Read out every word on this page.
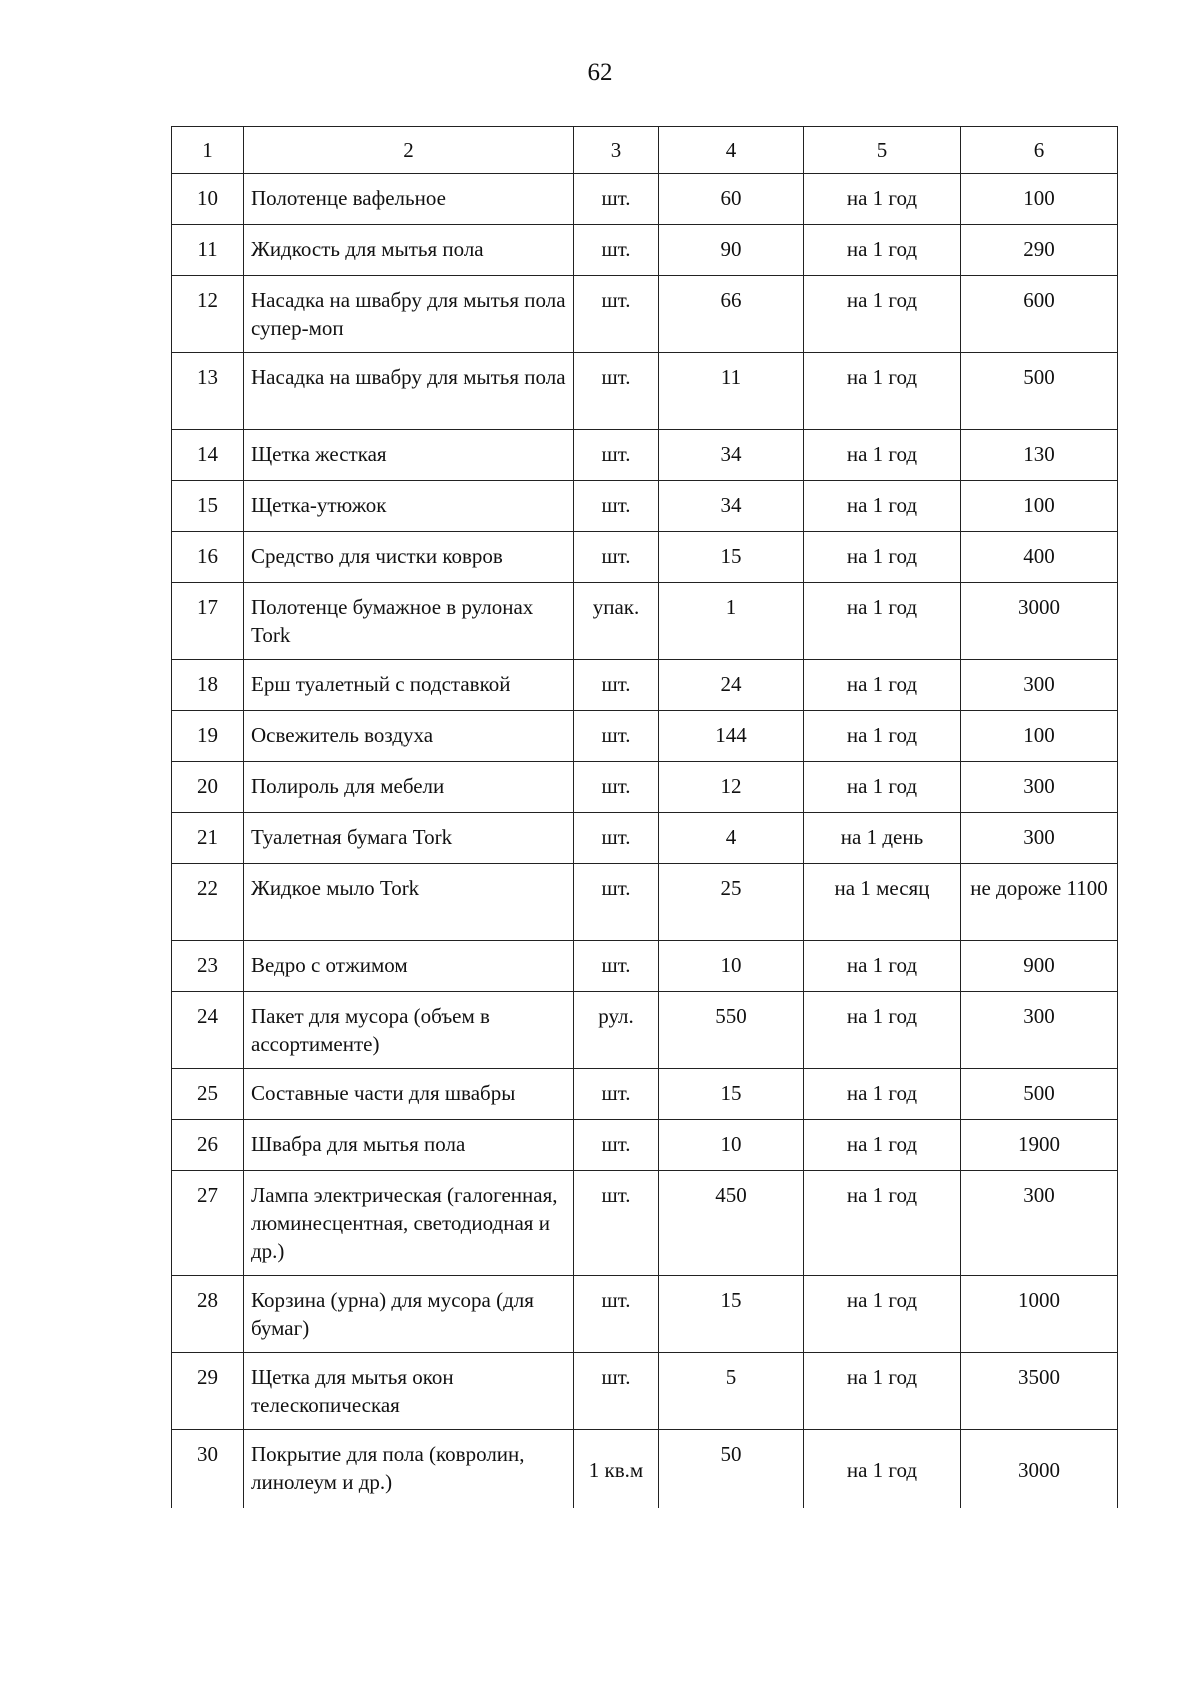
62
1	2	3	4	5	6
10	Полотенце вафельное	шт.	60	на 1 год	100
11	Жидкость для мытья пола	шт.	90	на 1 год	290
12	Насадка на швабру для мытья пола супер-моп	шт.	66	на 1 год	600
13	Насадка на швабру для мытья пола	шт.	11	на 1 год	500
14	Щетка жесткая	шт.	34	на 1 год	130
15	Щетка-утюжок	шт.	34	на 1 год	100
16	Средство для чистки ковров	шт.	15	на 1 год	400
17	Полотенце бумажное в рулонах Tork	упак.	1	на 1 год	3000
18	Ерш туалетный с подставкой	шт.	24	на 1 год	300
19	Освежитель воздуха	шт.	144	на 1 год	100
20	Полироль для мебели	шт.	12	на 1 год	300
21	Туалетная бумага Tork	шт.	4	на 1 день	300
22	Жидкое мыло Tork	шт.	25	на 1 месяц	не дороже 1100
23	Ведро с отжимом	шт.	10	на 1 год	900
24	Пакет для мусора (объем в ассортименте)	рул.	550	на 1 год	300
25	Составные части для швабры	шт.	15	на 1 год	500
26	Швабра для мытья пола	шт.	10	на 1 год	1900
27	Лампа электрическая (галогенная, люминесцентная, светодиодная и др.)	шт.	450	на 1 год	300
28	Корзина (урна) для мусора (для бумаг)	шт.	15	на 1 год	1000
29	Щетка для мытья окон телескопическая	шт.	5	на 1 год	3500
30	Покрытие для пола (ковролин, линолеум и др.)	1 кв.м	50	на 1 год	3000
